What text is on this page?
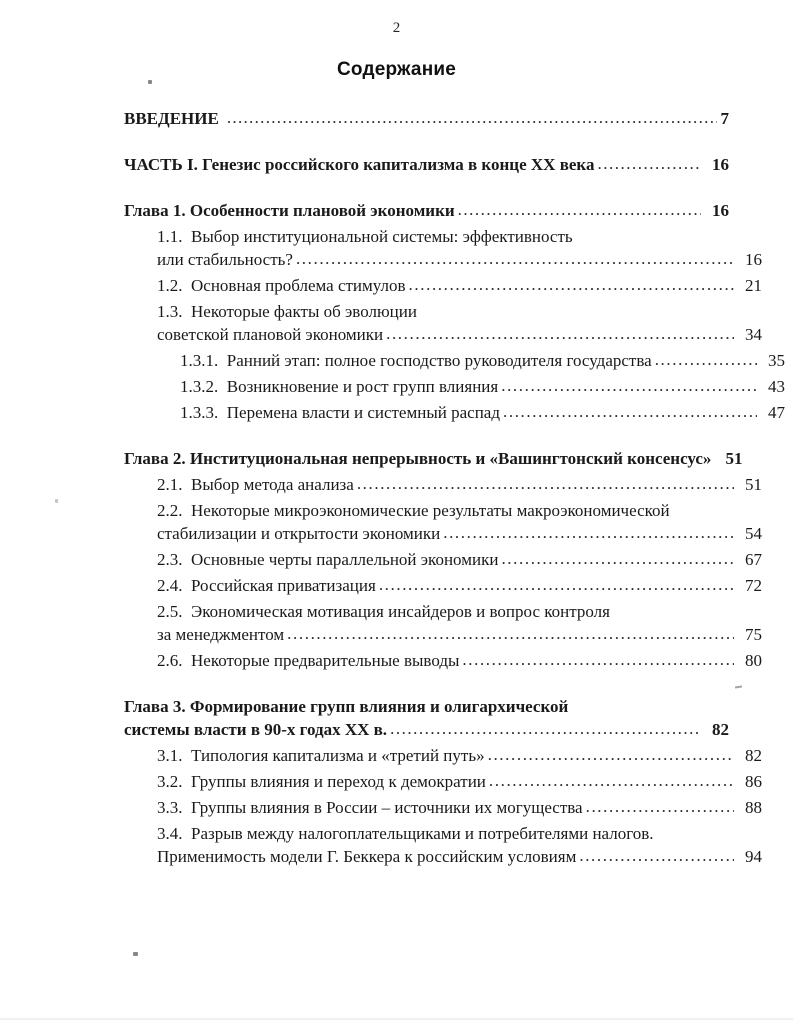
2
Содержание
ВВЕДЕНИЕ .....	7
ЧАСТЬ I. Генезис российского капитализма в конце XX века .....	16
Глава 1. Особенности плановой экономики .....	16
1.1. Выбор институциональной системы: эффективность
или стабильность? .....	16
1.2. Основная проблема стимулов .....	21
1.3. Некоторые факты об эволюции
советской плановой экономики .....	34
1.3.1. Ранний этап: полное господство руководителя государства .....	35
1.3.2. Возникновение и рост групп влияния .....	43
1.3.3. Перемена власти и системный распад .....	47
Глава 2. Институциональная непрерывность и «Вашингтонский консенсус» 51
2.1. Выбор метода анализа .....	51
2.2. Некоторые микроэкономические результаты макроэкономической
стабилизации и открытости экономики .....	54
2.3. Основные черты параллельной экономики .....	67
2.4. Российская приватизация .....	72
2.5. Экономическая мотивация инсайдеров и вопрос контроля
за менеджментом .....	75
2.6. Некоторые предварительные выводы .....	80
Глава 3. Формирование групп влияния и олигархической
системы власти в 90-х годах XX в. .....	82
3.1. Типология капитализма и «третий путь» .....	82
3.2. Группы влияния и переход к демократии .....	86
3.3. Группы влияния в России – источники их могущества .....	88
3.4. Разрыв между налогоплательщиками и потребителями налогов.
Применимость модели Г. Беккера к российским условиям .....	94
